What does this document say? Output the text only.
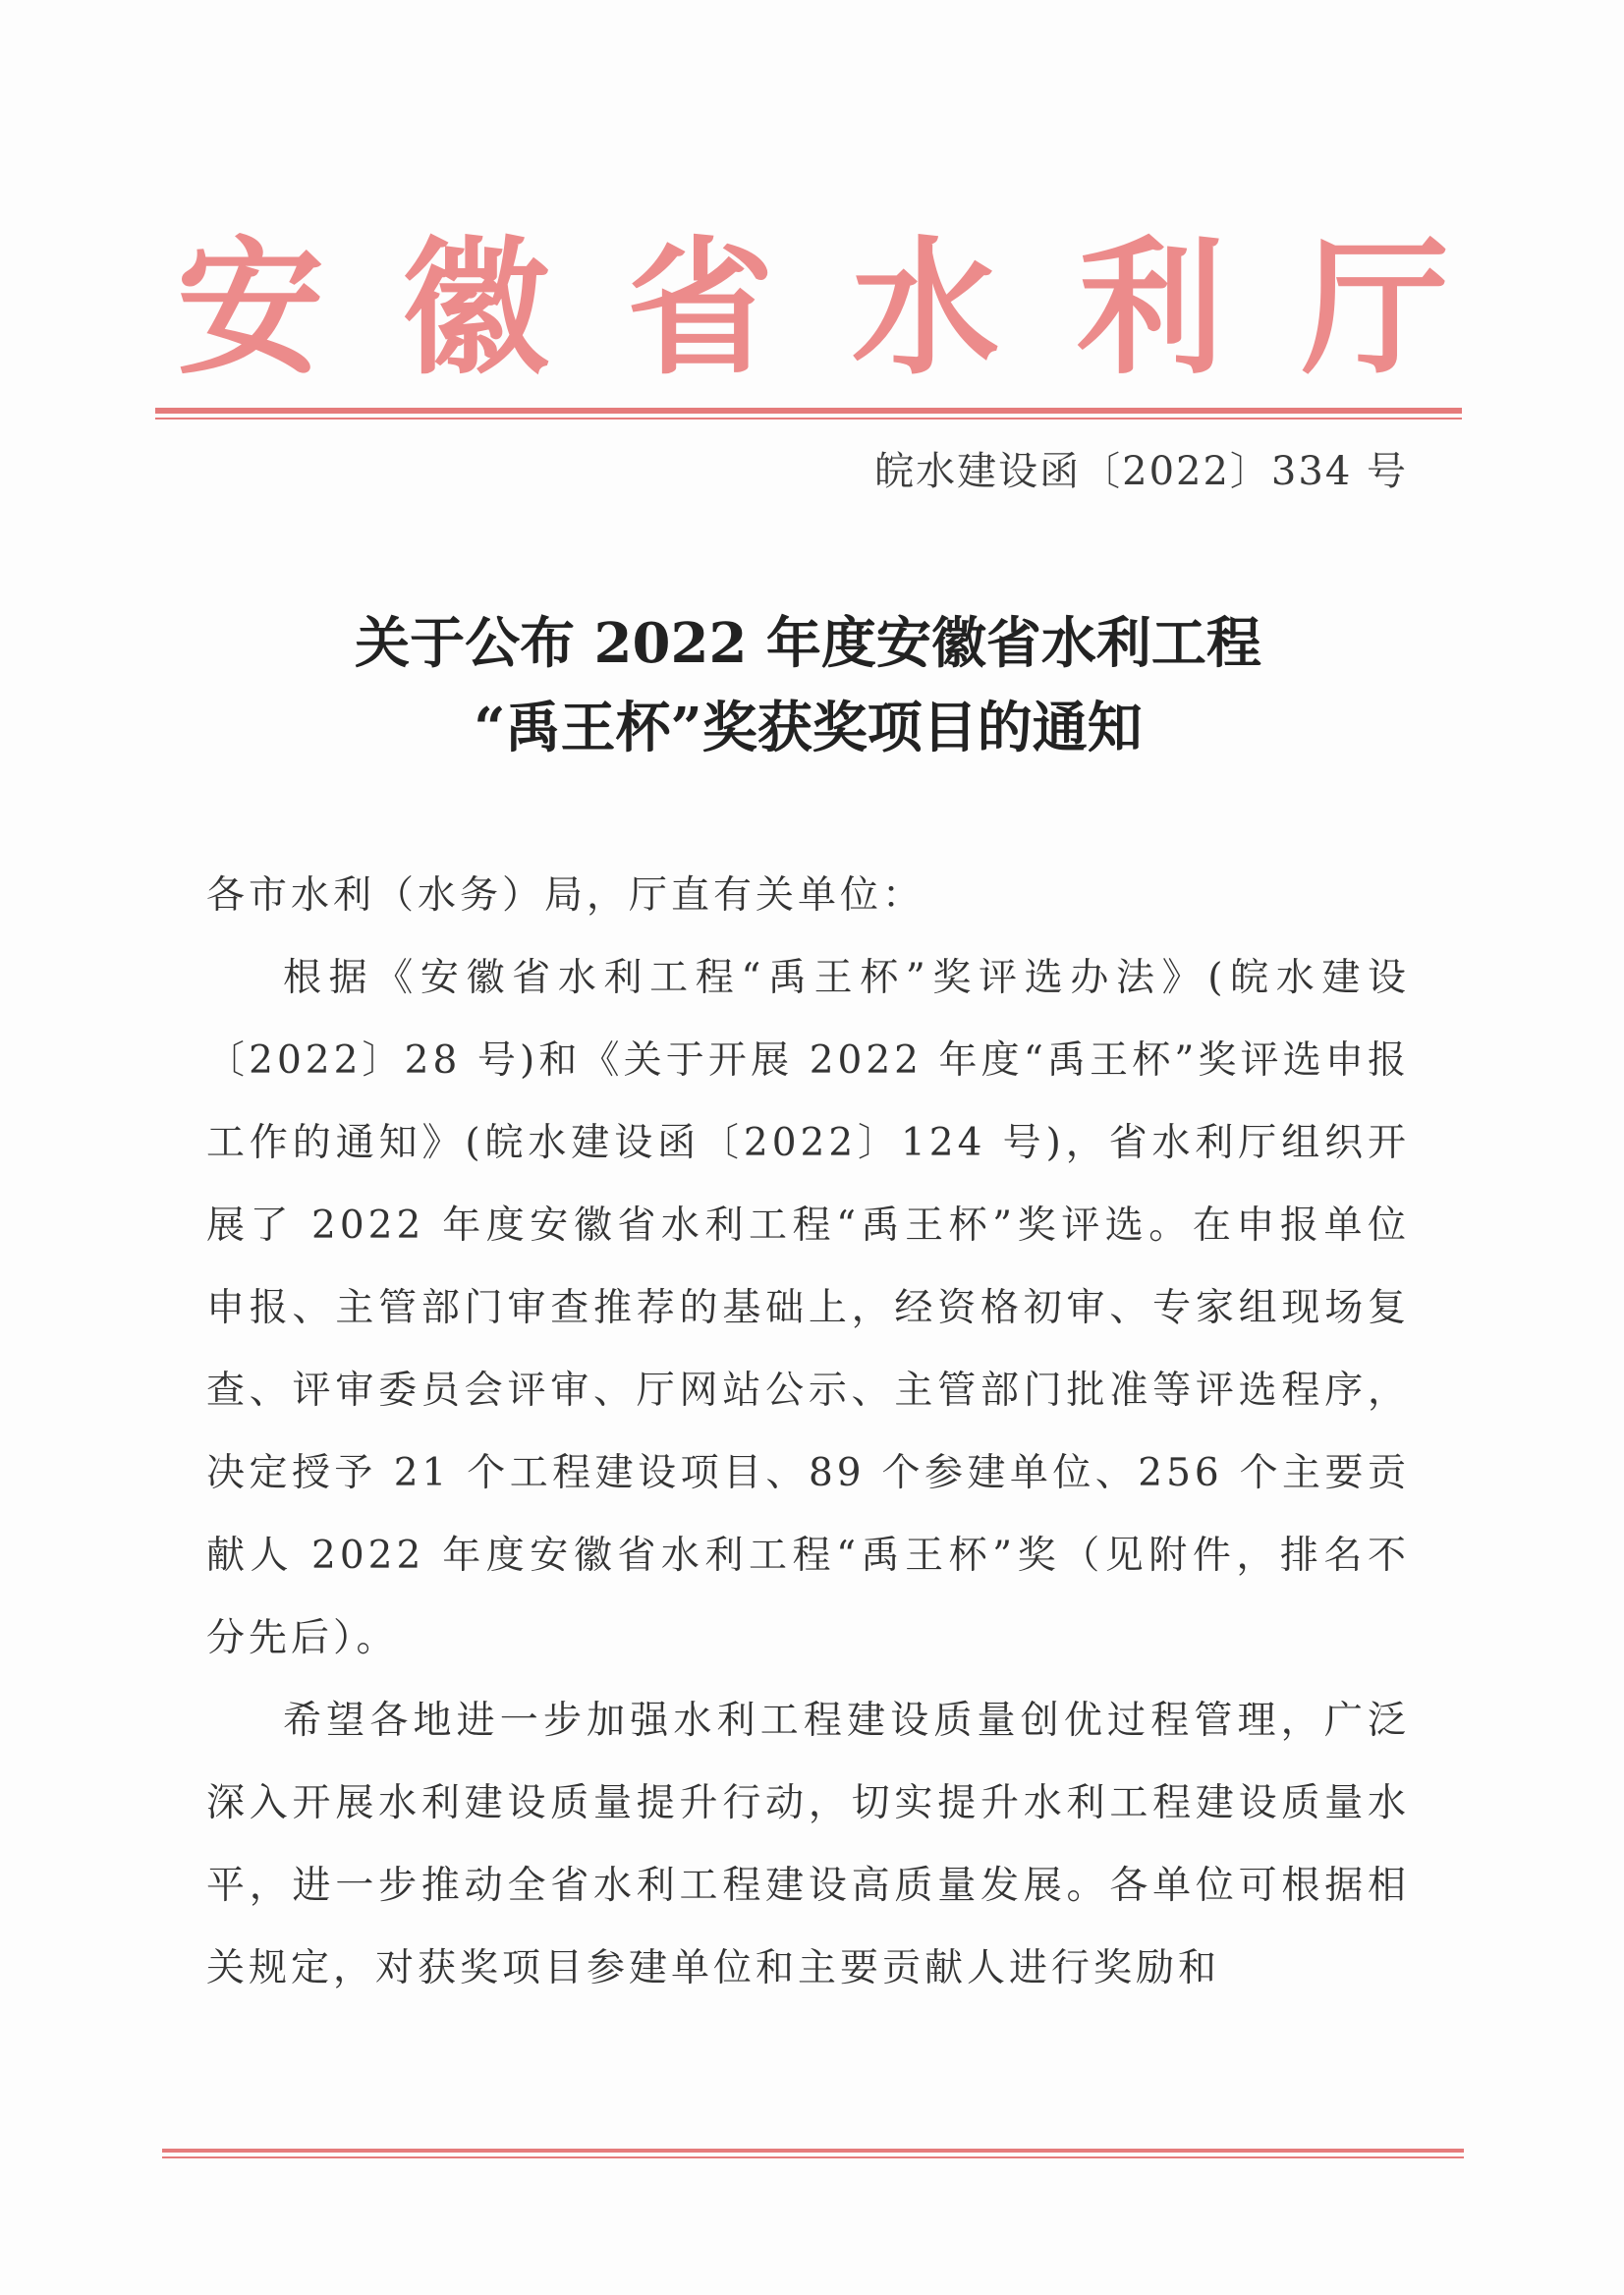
安 徽 省 水 利 厅
皖水建设函〔2022〕334 号
关于公布 2022 年度安徽省水利工程
“禹王杯”奖获奖项目的通知

各市水利（水务）局，厅直有关单位：

根据《安徽省水利工程“禹王杯”奖评选办法》(皖水建设〔2022〕28 号)和《关于开展 2022 年度“禹王杯”奖评选申报工作的通知》(皖水建设函〔2022〕124 号)，省水利厅组织开展了 2022 年度安徽省水利工程“禹王杯”奖评选。在申报单位申报、主管部门审查推荐的基础上，经资格初审、专家组现场复查、评审委员会评审、厅网站公示、主管部门批准等评选程序，决定授予 21 个工程建设项目、89 个参建单位、256 个主要贡献人 2022 年度安徽省水利工程“禹王杯”奖（见附件，排名不分先后）。

希望各地进一步加强水利工程建设质量创优过程管理，广泛深入开展水利建设质量提升行动，切实提升水利工程建设质量水平，进一步推动全省水利工程建设高质量发展。各单位可根据相关规定，对获奖项目参建单位和主要贡献人进行奖励和
